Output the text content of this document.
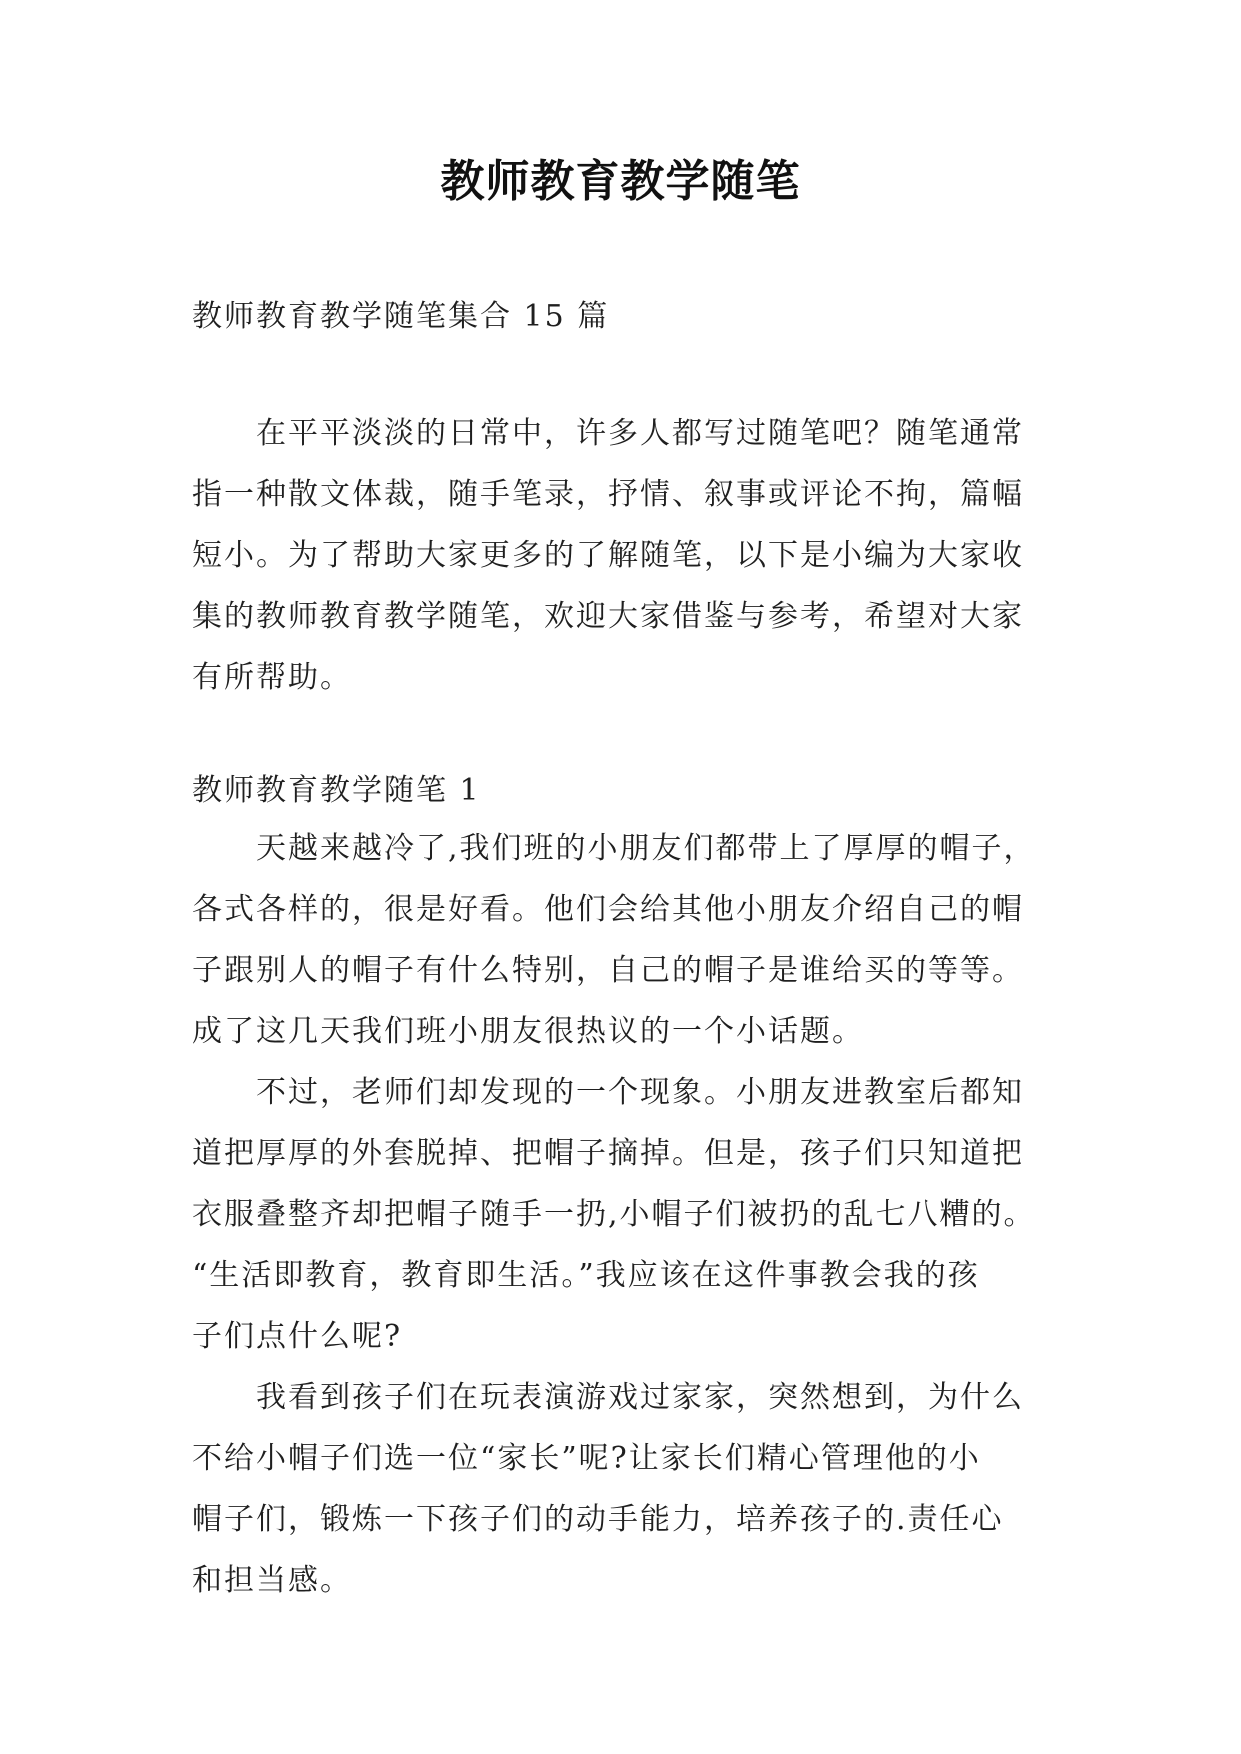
教师教育教学随笔
教师教育教学随笔集合 15 篇
在平平淡淡的日常中，许多人都写过随笔吧？随笔通常
指一种散文体裁，随手笔录，抒情、叙事或评论不拘，篇幅
短小。为了帮助大家更多的了解随笔，以下是小编为大家收
集的教师教育教学随笔，欢迎大家借鉴与参考，希望对大家
有所帮助。
教师教育教学随笔 1
天越来越冷了,我们班的小朋友们都带上了厚厚的帽子，
各式各样的，很是好看。他们会给其他小朋友介绍自己的帽
子跟别人的帽子有什么特别，自己的帽子是谁给买的等等。
成了这几天我们班小朋友很热议的一个小话题。
不过，老师们却发现的一个现象。小朋友进教室后都知
道把厚厚的外套脱掉、把帽子摘掉。但是，孩子们只知道把
衣服叠整齐却把帽子随手一扔,小帽子们被扔的乱七八糟的。
“生活即教育，教育即生活。”我应该在这件事教会我的孩
子们点什么呢?
我看到孩子们在玩表演游戏过家家，突然想到，为什么
不给小帽子们选一位“家长”呢?让家长们精心管理他的小
帽子们，锻炼一下孩子们的动手能力，培养孩子的.责任心
和担当感。
